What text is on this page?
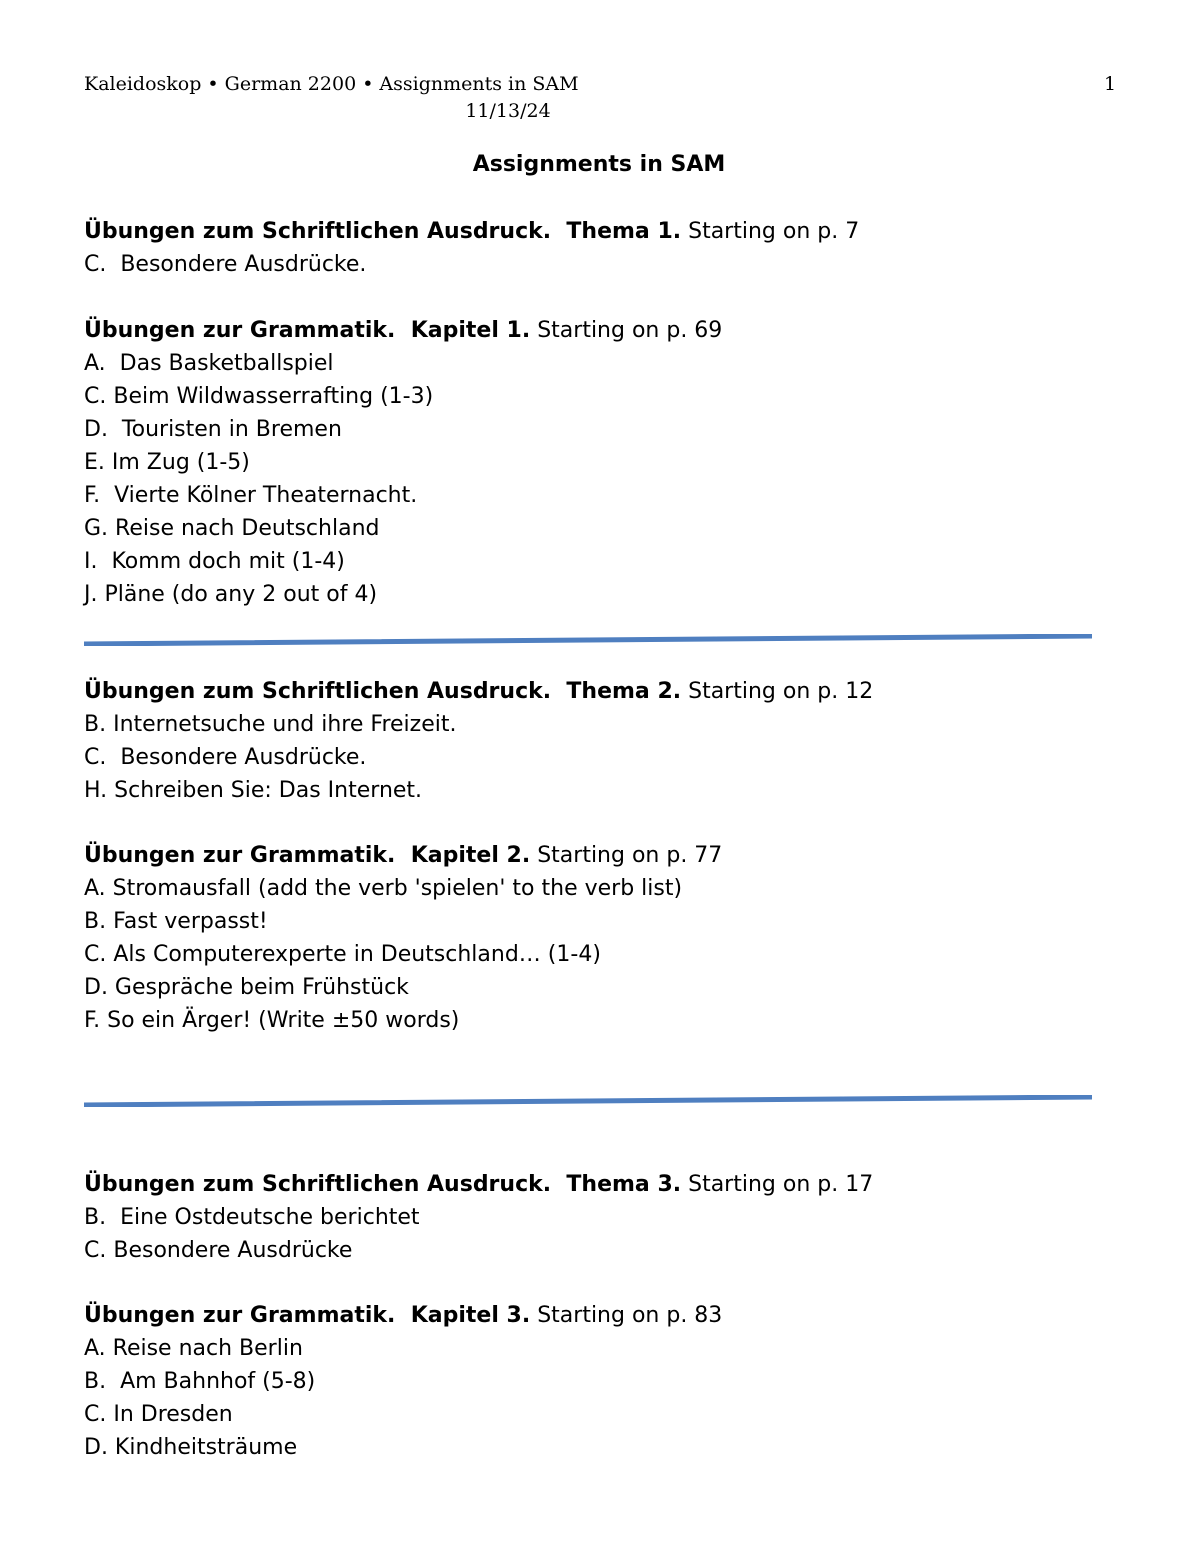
Kaleidoskop • German 2200 • Assignments in SAM	1
11/13/24
Assignments in SAM
Übungen zum Schriftlichen Ausdruck.  Thema 1. Starting on p. 7
C.  Besondere Ausdrücke.
Übungen zur Grammatik.  Kapitel 1. Starting on p. 69
A.  Das Basketballspiel
C. Beim Wildwasserrafting (1-3)
D.  Touristen in Bremen
E. Im Zug (1-5)
F.  Vierte Kölner Theaternacht.
G. Reise nach Deutschland
I.  Komm doch mit (1-4)
J. Pläne (do any 2 out of 4)
Übungen zum Schriftlichen Ausdruck.  Thema 2. Starting on p. 12
B. Internetsuche und ihre Freizeit.
C.  Besondere Ausdrücke.
H. Schreiben Sie: Das Internet.
Übungen zur Grammatik.  Kapitel 2. Starting on p. 77
A. Stromausfall (add the verb 'spielen' to the verb list)
B. Fast verpasst!
C. Als Computerexperte in Deutschland… (1-4)
D. Gespräche beim Frühstück
F. So ein Ärger! (Write ±50 words)
Übungen zum Schriftlichen Ausdruck.  Thema 3. Starting on p. 17
B.  Eine Ostdeutsche berichtet
C. Besondere Ausdrücke
Übungen zur Grammatik.  Kapitel 3. Starting on p. 83
A. Reise nach Berlin
B.  Am Bahnhof (5-8)
C. In Dresden
D. Kindheitsträume
